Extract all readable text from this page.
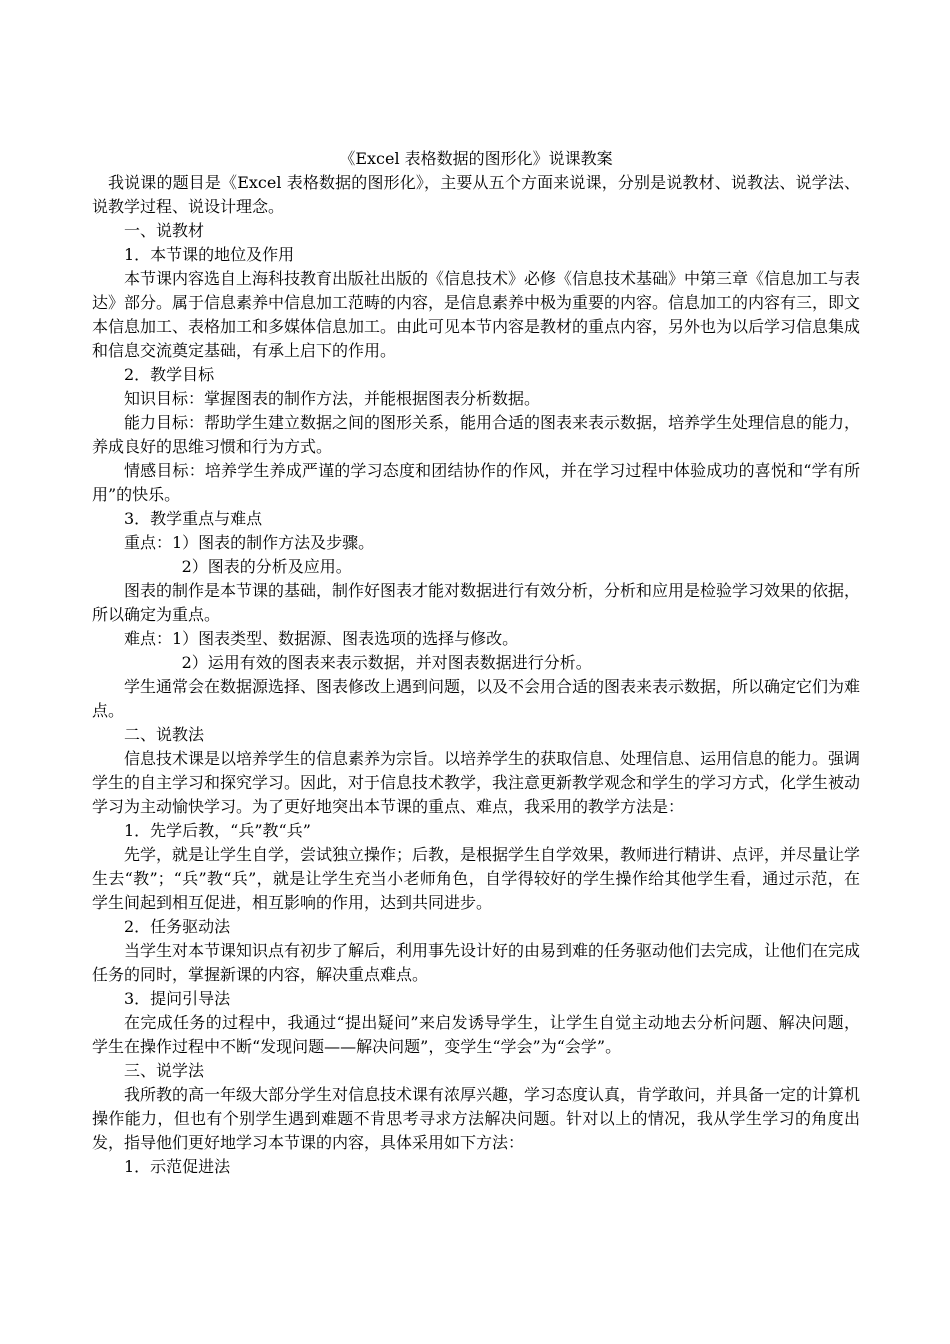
《Excel 表格数据的图形化》说课教案

我说课的题目是《Excel 表格数据的图形化》，主要从五个方面来说课，分别是说教材、说教法、说学法、说教学过程、说设计理念。

一、说教材

1．本节课的地位及作用

本节课内容选自上海科技教育出版社出版的《信息技术》必修《信息技术基础》中第三章《信息加工与表达》部分。属于信息素养中信息加工范畴的内容，是信息素养中极为重要的内容。信息加工的内容有三，即文本信息加工、表格加工和多媒体信息加工。由此可见本节内容是教材的重点内容，另外也为以后学习信息集成和信息交流奠定基础，有承上启下的作用。

2．教学目标

知识目标：掌握图表的制作方法，并能根据图表分析数据。

能力目标：帮助学生建立数据之间的图形关系，能用合适的图表来表示数据，培养学生处理信息的能力，养成良好的思维习惯和行为方式。

情感目标：培养学生养成严谨的学习态度和团结协作的作风，并在学习过程中体验成功的喜悦和“学有所用”的快乐。

3．教学重点与难点

重点：1）图表的制作方法及步骤。

2）图表的分析及应用。

图表的制作是本节课的基础，制作好图表才能对数据进行有效分析，分析和应用是检验学习效果的依据，所以确定为重点。

难点：1）图表类型、数据源、图表选项的选择与修改。

2）运用有效的图表来表示数据，并对图表数据进行分析。

学生通常会在数据源选择、图表修改上遇到问题，以及不会用合适的图表来表示数据，所以确定它们为难点。

二、说教法

信息技术课是以培养学生的信息素养为宗旨。以培养学生的获取信息、处理信息、运用信息的能力。强调学生的自主学习和探究学习。因此，对于信息技术教学，我注意更新教学观念和学生的学习方式，化学生被动学习为主动愉快学习。为了更好地突出本节课的重点、难点，我采用的教学方法是：

1．先学后教，“兵”教“兵”

先学，就是让学生自学，尝试独立操作；后教，是根据学生自学效果，教师进行精讲、点评，并尽量让学生去“教”；“兵”教“兵”，就是让学生充当小老师角色，自学得较好的学生操作给其他学生看，通过示范，在学生间起到相互促进，相互影响的作用，达到共同进步。

2．任务驱动法

当学生对本节课知识点有初步了解后，利用事先设计好的由易到难的任务驱动他们去完成，让他们在完成任务的同时，掌握新课的内容，解决重点难点。

3．提问引导法

在完成任务的过程中，我通过“提出疑问”来启发诱导学生，让学生自觉主动地去分析问题、解决问题，学生在操作过程中不断“发现问题——解决问题”，变学生“学会”为“会学”。

三、说学法

我所教的高一年级大部分学生对信息技术课有浓厚兴趣，学习态度认真，肯学敢问，并具备一定的计算机操作能力，但也有个别学生遇到难题不肯思考寻求方法解决问题。针对以上的情况，我从学生学习的角度出发，指导他们更好地学习本节课的内容，具体采用如下方法：

1．示范促进法
